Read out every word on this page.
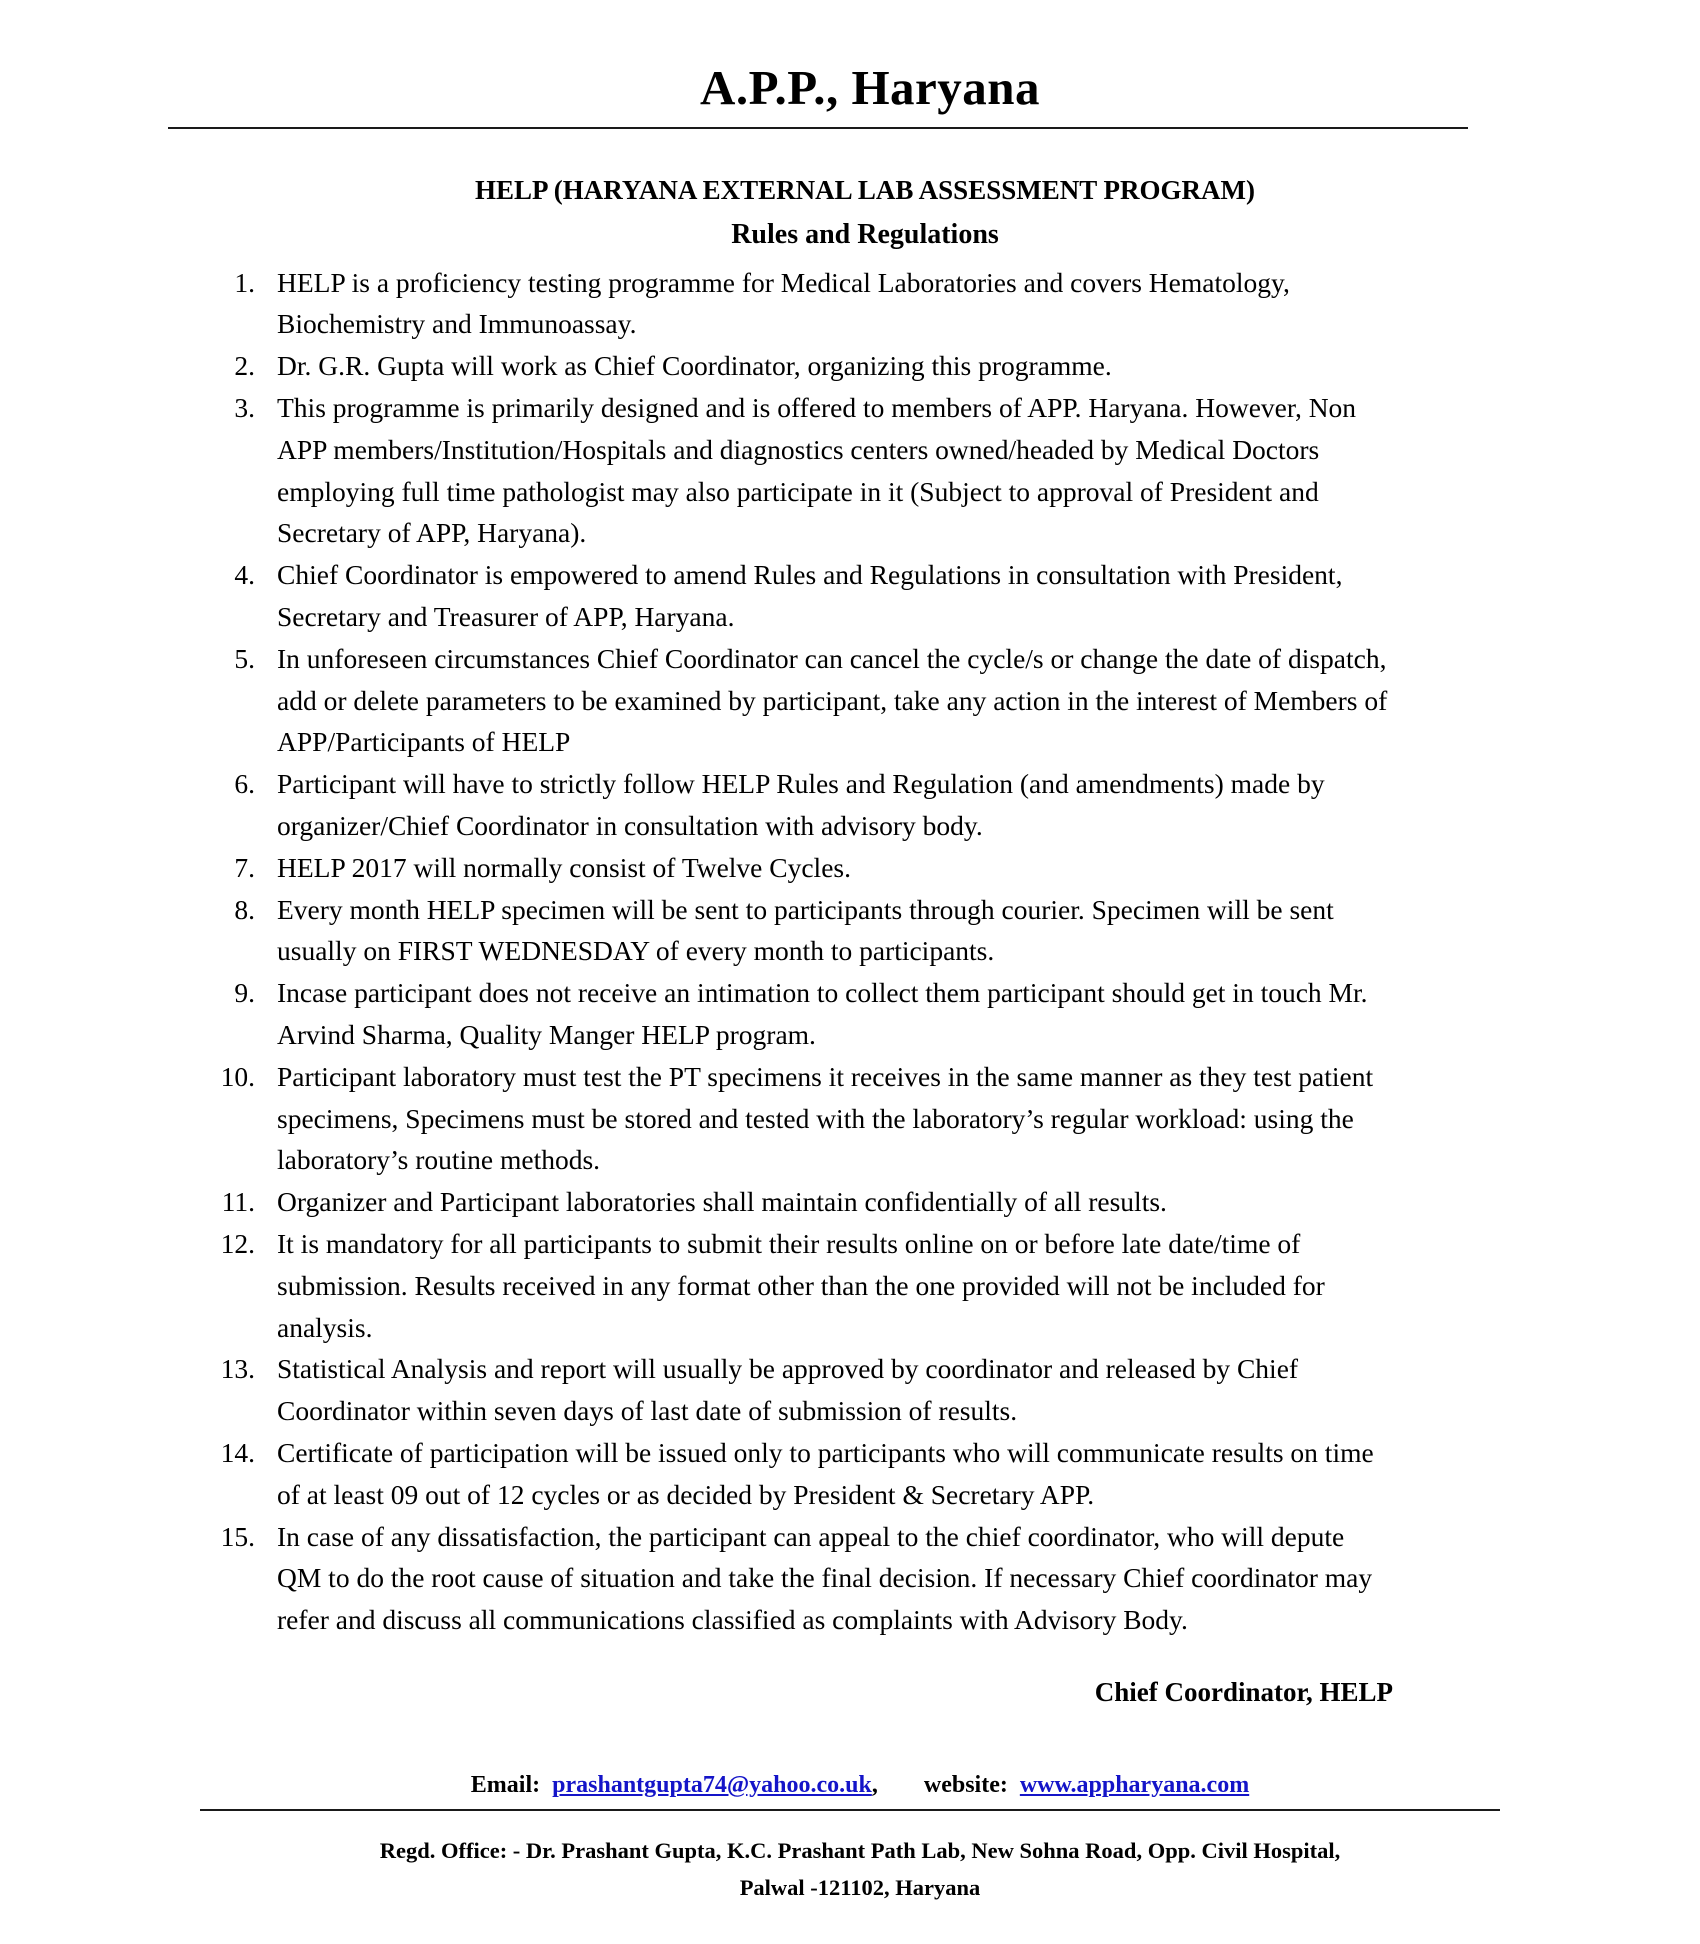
A.P.P., Haryana
HELP (HARYANA EXTERNAL LAB ASSESSMENT PROGRAM)
Rules and Regulations
1. HELP is a proficiency testing programme for Medical Laboratories and covers Hematology, Biochemistry and Immunoassay.
2. Dr. G.R. Gupta will work as Chief Coordinator, organizing this programme.
3. This programme is primarily designed and is offered to members of APP. Haryana. However, Non APP members/Institution/Hospitals and diagnostics centers owned/headed by Medical Doctors employing full time pathologist may also participate in it (Subject to approval of President and Secretary of APP, Haryana).
4. Chief Coordinator is empowered to amend Rules and Regulations in consultation with President, Secretary and Treasurer of APP, Haryana.
5. In unforeseen circumstances Chief Coordinator can cancel the cycle/s or change the date of dispatch, add or delete parameters to be examined by participant, take any action in the interest of Members of APP/Participants of HELP
6. Participant will have to strictly follow HELP Rules and Regulation (and amendments) made by organizer/Chief Coordinator in consultation with advisory body.
7. HELP 2017 will normally consist of Twelve Cycles.
8. Every month HELP specimen will be sent to participants through courier. Specimen will be sent usually on FIRST WEDNESDAY of every month to participants.
9. Incase participant does not receive an intimation to collect them participant should get in touch Mr. Arvind Sharma, Quality Manger HELP program.
10. Participant laboratory must test the PT specimens it receives in the same manner as they test patient specimens, Specimens must be stored and tested with the laboratory’s regular workload: using the laboratory’s routine methods.
11. Organizer and Participant laboratories shall maintain confidentially of all results.
12. It is mandatory for all participants to submit their results online on or before late date/time of submission. Results received in any format other than the one provided will not be included for analysis.
13. Statistical Analysis and report will usually be approved by coordinator and released by Chief Coordinator within seven days of last date of submission of results.
14. Certificate of participation will be issued only to participants who will communicate results on time of at least 09 out of 12 cycles or as decided by President & Secretary APP.
15. In case of any dissatisfaction, the participant can appeal to the chief coordinator, who will depute QM to do the root cause of situation and take the final decision. If necessary Chief coordinator may refer and discuss all communications classified as complaints with Advisory Body.
Chief Coordinator, HELP
Email: prashantgupta74@yahoo.co.uk, website: www.appharyana.com
Regd. Office: - Dr. Prashant Gupta, K.C. Prashant Path Lab, New Sohna Road, Opp. Civil Hospital,
Palwal -121102, Haryana
